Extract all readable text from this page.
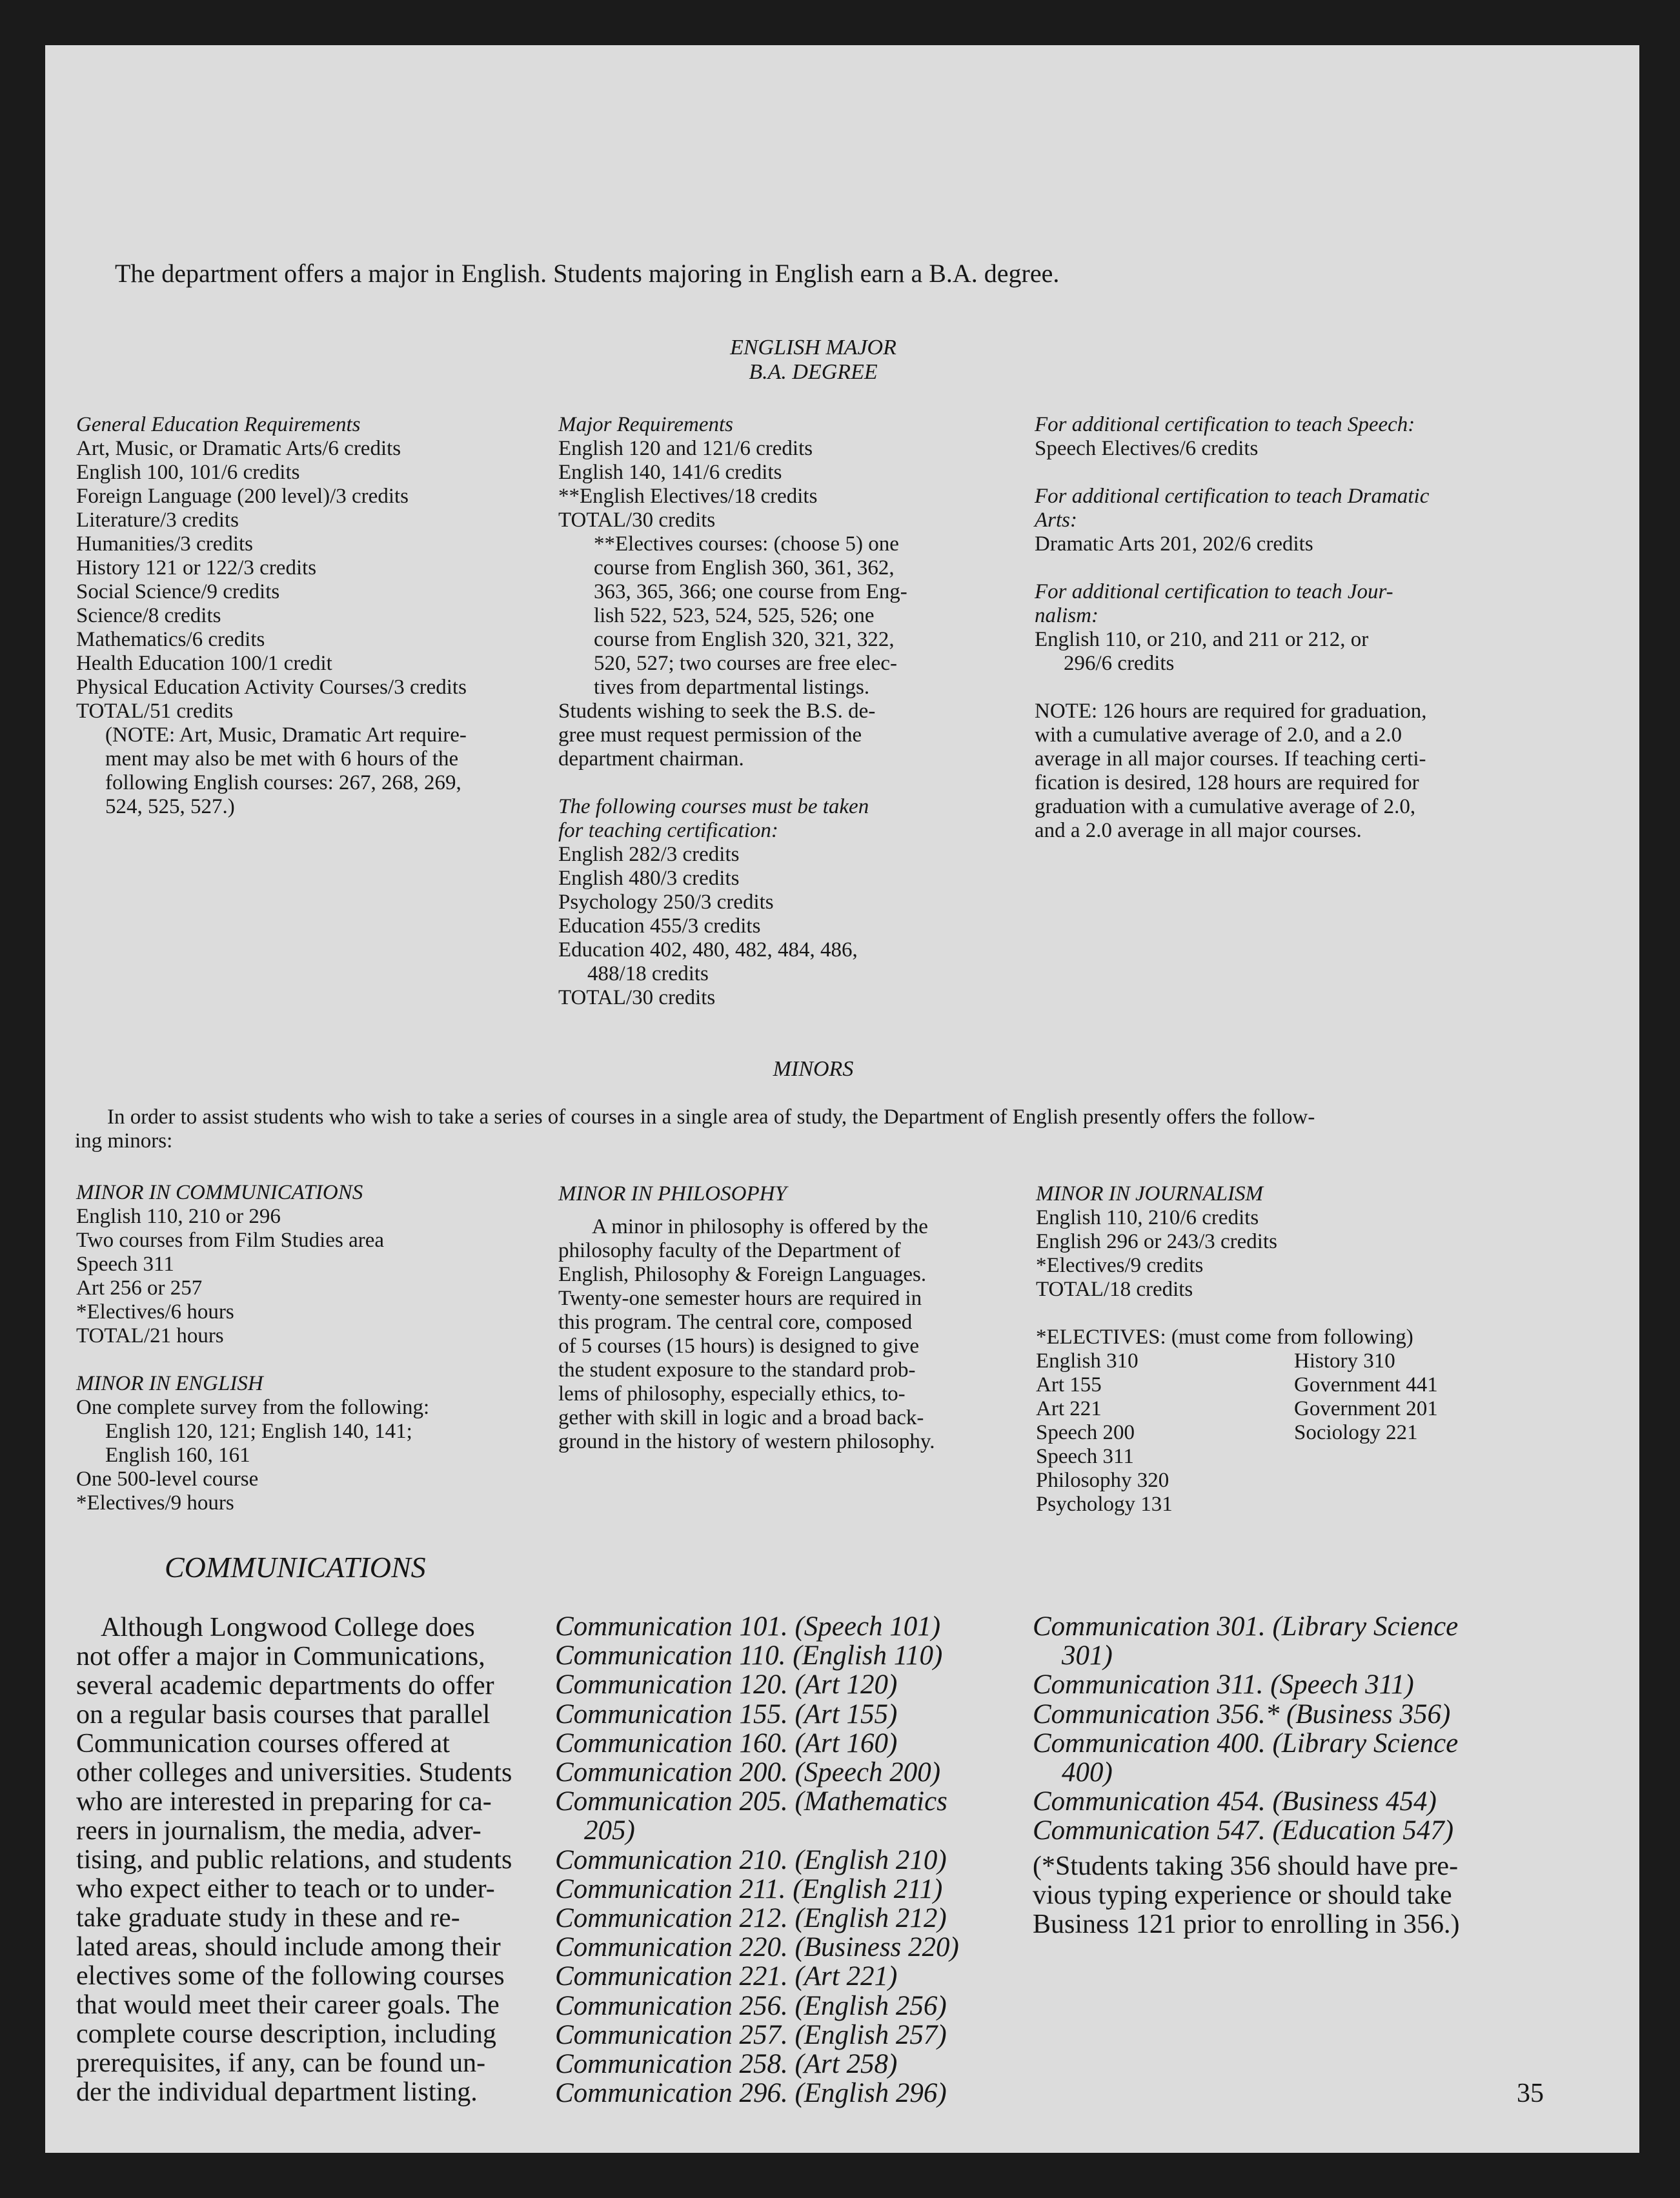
The department offers a major in English. Students majoring in English earn a B.A. degree.
ENGLISH MAJOR
B.A. DEGREE
General Education Requirements
Art, Music, or Dramatic Arts/6 credits
English 100, 101/6 credits
Foreign Language (200 level)/3 credits
Literature/3 credits
Humanities/3 credits
History 121 or 122/3 credits
Social Science/9 credits
Science/8 credits
Mathematics/6 credits
Health Education 100/1 credit
Physical Education Activity Courses/3 credits
TOTAL/51 credits
(NOTE: Art, Music, Dramatic Art require-
ment may also be met with 6 hours of the
following English courses: 267, 268, 269,
524, 525, 527.)
Major Requirements
English 120 and 121/6 credits
English 140, 141/6 credits
**English Electives/18 credits
TOTAL/30 credits
**Electives courses: (choose 5) one
course from English 360, 361, 362,
363, 365, 366; one course from Eng-
lish 522, 523, 524, 525, 526; one
course from English 320, 321, 322,
520, 527; two courses are free elec-
tives from departmental listings.
Students wishing to seek the B.S. de-
gree must request permission of the
department chairman.
The following courses must be taken
for teaching certification:
English 282/3 credits
English 480/3 credits
Psychology 250/3 credits
Education 455/3 credits
Education 402, 480, 482, 484, 486,
488/18 credits
TOTAL/30 credits
For additional certification to teach Speech:
Speech Electives/6 credits
For additional certification to teach Dramatic
Arts:
Dramatic Arts 201, 202/6 credits
For additional certification to teach Jour-
nalism:
English 110, or 210, and 211 or 212, or
296/6 credits
NOTE: 126 hours are required for graduation,
with a cumulative average of 2.0, and a 2.0
average in all major courses. If teaching certi-
fication is desired, 128 hours are required for
graduation with a cumulative average of 2.0,
and a 2.0 average in all major courses.
MINORS
In order to assist students who wish to take a series of courses in a single area of study, the Department of English presently offers the follow-
ing minors:
MINOR IN COMMUNICATIONS
English 110, 210 or 296
Two courses from Film Studies area
Speech 311
Art 256 or 257
*Electives/6 hours
TOTAL/21 hours
MINOR IN ENGLISH
One complete survey from the following:
English 120, 121; English 140, 141;
English 160, 161
One 500-level course
*Electives/9 hours
MINOR IN PHILOSOPHY
A minor in philosophy is offered by the
philosophy faculty of the Department of
English, Philosophy & Foreign Languages.
Twenty-one semester hours are required in
this program. The central core, composed
of 5 courses (15 hours) is designed to give
the student exposure to the standard prob-
lems of philosophy, especially ethics, to-
gether with skill in logic and a broad back-
ground in the history of western philosophy.
MINOR IN JOURNALISM
English 110, 210/6 credits
English 296 or 243/3 credits
*Electives/9 credits
TOTAL/18 credits
*ELECTIVES: (must come from following)
English 310	History 310
Art 155	Government 441
Art 221	Government 201
Speech 200	Sociology 221
Speech 311
Philosophy 320
Psychology 131
COMMUNICATIONS
Although Longwood College does
not offer a major in Communications,
several academic departments do offer
on a regular basis courses that parallel
Communication courses offered at
other colleges and universities. Students
who are interested in preparing for ca-
reers in journalism, the media, adver-
tising, and public relations, and students
who expect either to teach or to under-
take graduate study in these and re-
lated areas, should include among their
electives some of the following courses
that would meet their career goals. The
complete course description, including
prerequisites, if any, can be found un-
der the individual department listing.
Communication 101. (Speech 101)
Communication 110. (English 110)
Communication 120. (Art 120)
Communication 155. (Art 155)
Communication 160. (Art 160)
Communication 200. (Speech 200)
Communication 205. (Mathematics
205)
Communication 210. (English 210)
Communication 211. (English 211)
Communication 212. (English 212)
Communication 220. (Business 220)
Communication 221. (Art 221)
Communication 256. (English 256)
Communication 257. (English 257)
Communication 258. (Art 258)
Communication 296. (English 296)
Communication 301. (Library Science
301)
Communication 311. (Speech 311)
Communication 356.* (Business 356)
Communication 400. (Library Science
400)
Communication 454. (Business 454)
Communication 547. (Education 547)
(*Students taking 356 should have pre-
vious typing experience or should take
Business 121 prior to enrolling in 356.)
35
